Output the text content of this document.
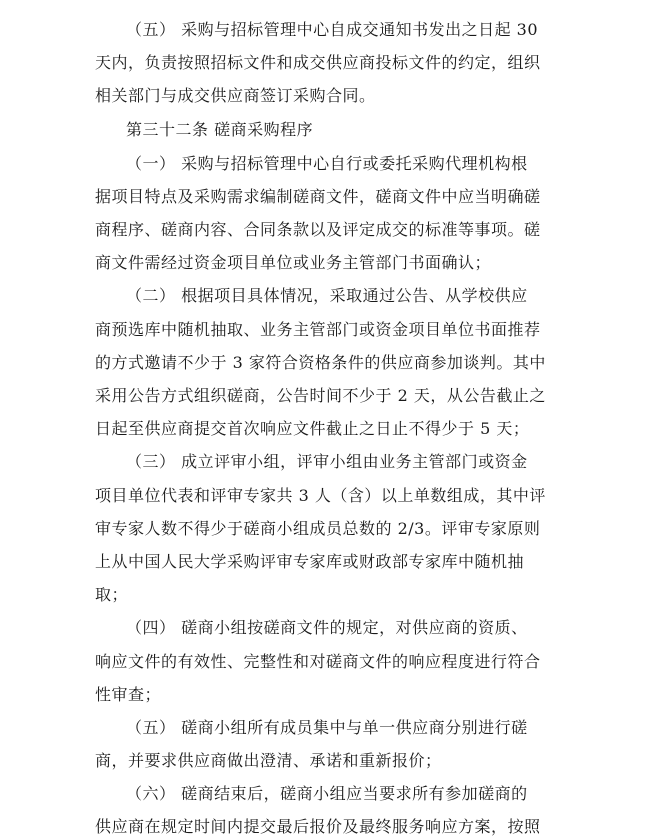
（五） 采购与招标管理中心自成交通知书发出之日起 30
天内，负责按照招标文件和成交供应商投标文件的约定，组织
相关部门与成交供应商签订采购合同。
第三十二条 磋商采购程序
（一） 采购与招标管理中心自行或委托采购代理机构根
据项目特点及采购需求编制磋商文件，磋商文件中应当明确磋
商程序、磋商内容、合同条款以及评定成交的标准等事项。磋
商文件需经过资金项目单位或业务主管部门书面确认；
（二） 根据项目具体情况，采取通过公告、从学校供应
商预选库中随机抽取、业务主管部门或资金项目单位书面推荐
的方式邀请不少于 3 家符合资格条件的供应商参加谈判。其中
采用公告方式组织磋商，公告时间不少于 2 天，从公告截止之
日起至供应商提交首次响应文件截止之日止不得少于 5 天；
（三） 成立评审小组，评审小组由业务主管部门或资金
项目单位代表和评审专家共 3 人（含）以上单数组成，其中评
审专家人数不得少于磋商小组成员总数的 2/3。评审专家原则
上从中国人民大学采购评审专家库或财政部专家库中随机抽
取；
（四） 磋商小组按磋商文件的规定，对供应商的资质、
响应文件的有效性、完整性和对磋商文件的响应程度进行符合
性审查；
（五） 磋商小组所有成员集中与单一供应商分别进行磋
商，并要求供应商做出澄清、承诺和重新报价；
（六） 磋商结束后，磋商小组应当要求所有参加磋商的
供应商在规定时间内提交最后报价及最终服务响应方案，按照
